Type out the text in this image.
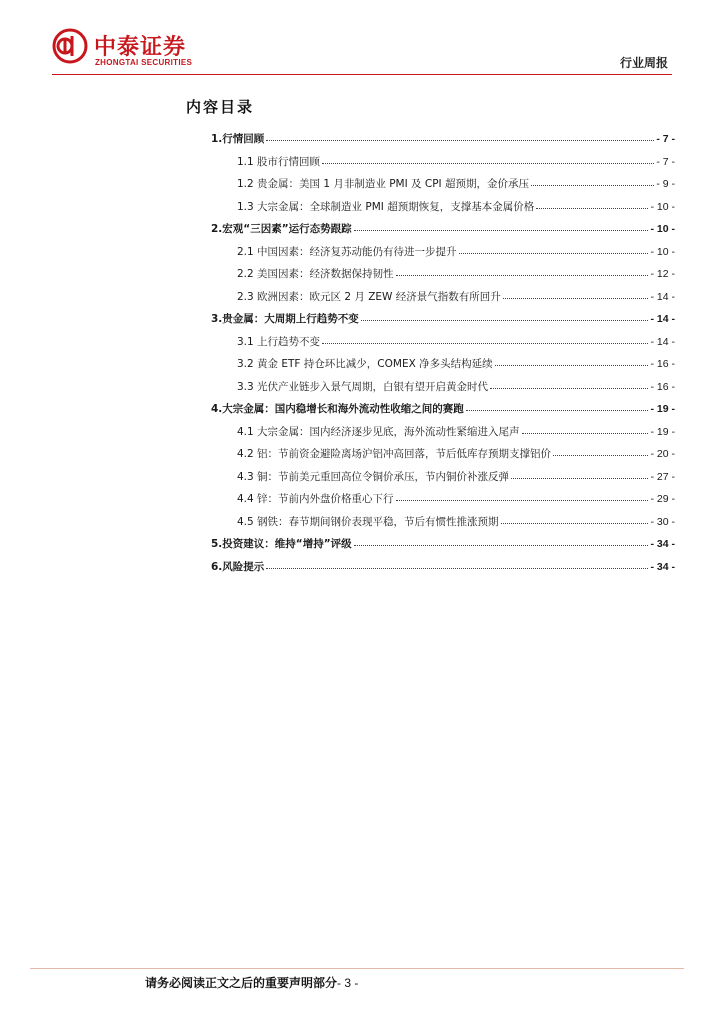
中泰证券
ZHONGTAI SECURITIES	行业周报
内容目录
1.行情回顾	- 7 -
1.1 股市行情回顾	- 7 -
1.2 贵金属：美国 1 月非制造业 PMI 及 CPI 超预期，金价承压	- 9 -
1.3 大宗金属：全球制造业 PMI 超预期恢复，支撑基本金属价格	- 10 -
2.宏观“三因素”运行态势跟踪	- 10 -
2.1 中国因素：经济复苏动能仍有待进一步提升	- 10 -
2.2 美国因素：经济数据保持韧性	- 12 -
2.3 欧洲因素：欧元区 2 月 ZEW 经济景气指数有所回升	- 14 -
3.贵金属：大周期上行趋势不变	- 14 -
3.1 上行趋势不变	- 14 -
3.2 黄金 ETF 持仓环比减少，COMEX 净多头结构延续	- 16 -
3.3 光伏产业链步入景气周期，白银有望开启黄金时代	- 16 -
4.大宗金属：国内稳增长和海外流动性收缩之间的赛跑	- 19 -
4.1 大宗金属：国内经济逐步见底，海外流动性紧缩进入尾声	- 19 -
4.2 铝：节前资金避险离场沪铝冲高回落，节后低库存预期支撑铝价	- 20 -
4.3 铜：节前美元重回高位令铜价承压，节内铜价补涨反弹	- 27 -
4.4 锌：节前内外盘价格重心下行	- 29 -
4.5 钢铁：春节期间钢价表现平稳，节后有惯性推涨预期	- 30 -
5.投资建议：维持“增持”评级	- 34 -
6.风险提示	- 34 -
请务必阅读正文之后的重要声明部分- 3 -
